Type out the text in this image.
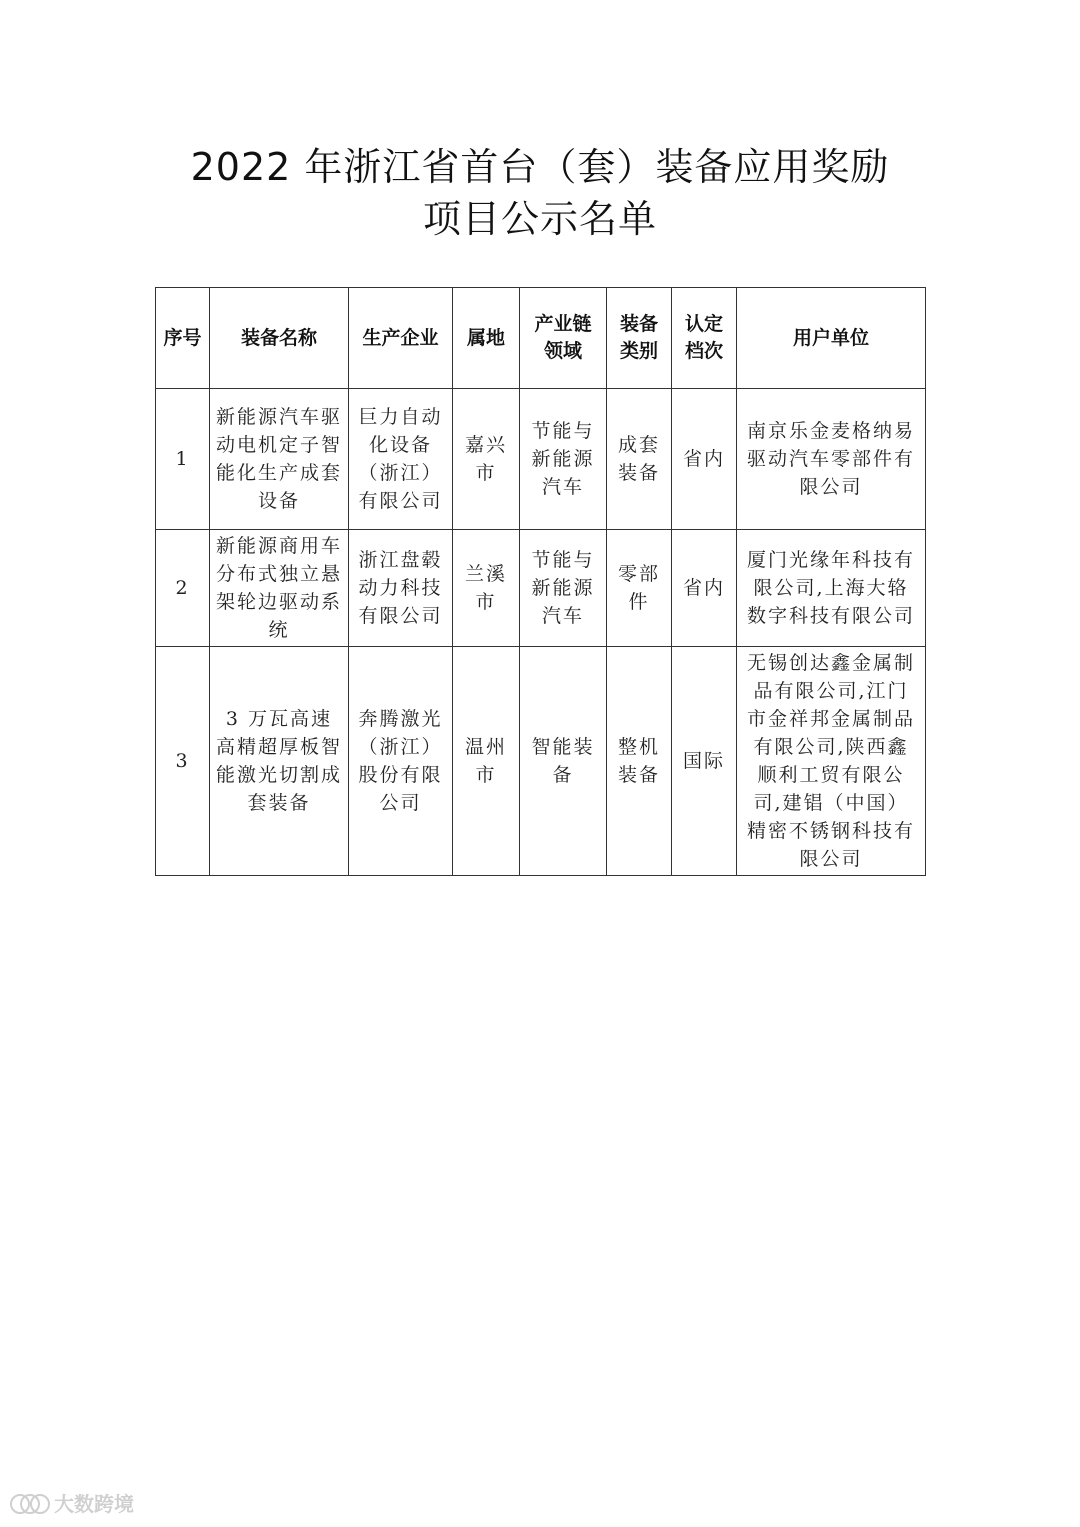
2022 年浙江省首台（套）装备应用奖励
项目公示名单
序号	装备名称	生产企业	属地	产业链领域	装备类别	认定档次	用户单位
1	新能源汽车驱动电机定子智能化生产成套设备	巨力自动化设备（浙江）有限公司	嘉兴市	节能与新能源汽车	成套装备	省内	南京乐金麦格纳易驱动汽车零部件有限公司
2	新能源商用车分布式独立悬架轮边驱动系统	浙江盘毂动力科技有限公司	兰溪市	节能与新能源汽车	零部件	省内	厦门光缘年科技有限公司,上海大辂数字科技有限公司
3	3 万瓦高速高精超厚板智能激光切割成套装备	奔腾激光（浙江）股份有限公司	温州市	智能装备	整机装备	国际	无锡创达鑫金属制品有限公司,江门市金祥邦金属制品有限公司,陕西鑫顺利工贸有限公司,建锠（中国）精密不锈钢科技有限公司
大数跨境
